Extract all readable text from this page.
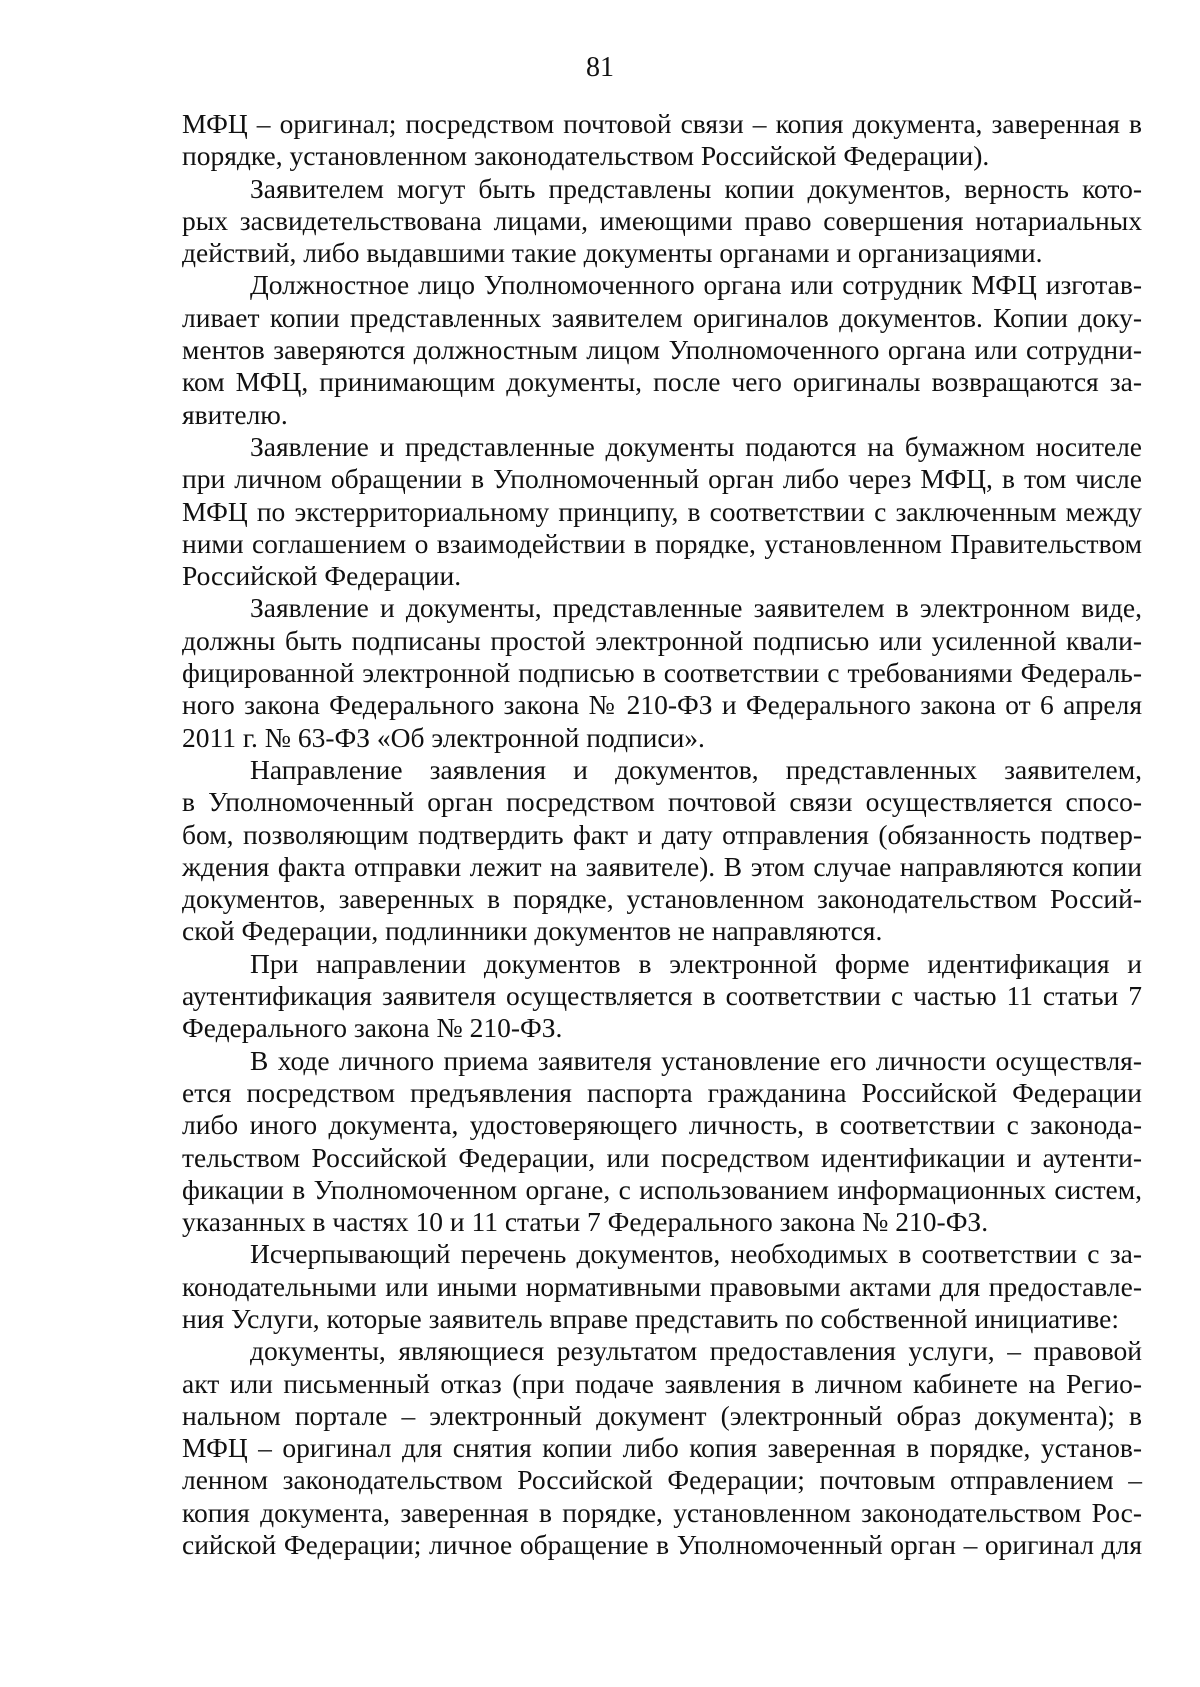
81
МФЦ – оригинал; посредством почтовой связи – копия документа, заверенная в
порядке, установленном законодательством Российской Федерации).
Заявителем могут быть представлены копии документов, верность кото-
рых засвидетельствована лицами, имеющими право совершения нотариальных
действий, либо выдавшими такие документы органами и организациями.
Должностное лицо Уполномоченного органа или сотрудник МФЦ изготав-
ливает копии представленных заявителем оригиналов документов. Копии доку-
ментов заверяются должностным лицом Уполномоченного органа или сотрудни-
ком МФЦ, принимающим документы, после чего оригиналы возвращаются за-
явителю.
Заявление и представленные документы подаются на бумажном носителе
при личном обращении в Уполномоченный орган либо через МФЦ, в том числе
МФЦ по экстерриториальному принципу, в соответствии с заключенным между
ними соглашением о взаимодействии в порядке, установленном Правительством
Российской Федерации.
Заявление и документы, представленные заявителем в электронном виде,
должны быть подписаны простой электронной подписью или усиленной квали-
фицированной электронной подписью в соответствии с требованиями Федераль-
ного закона Федерального закона № 210-ФЗ и Федерального закона от 6 апреля
2011 г. № 63-ФЗ «Об электронной подписи».
Направление заявления и документов, представленных заявителем,
в Уполномоченный орган посредством почтовой связи осуществляется спосо-
бом, позволяющим подтвердить факт и дату отправления (обязанность подтвер-
ждения факта отправки лежит на заявителе). В этом случае направляются копии
документов, заверенных в порядке, установленном законодательством Россий-
ской Федерации, подлинники документов не направляются.
При направлении документов в электронной форме идентификация и
аутентификация заявителя осуществляется в соответствии с частью 11 статьи 7
Федерального закона № 210-ФЗ.
В ходе личного приема заявителя установление его личности осуществля-
ется посредством предъявления паспорта гражданина Российской Федерации
либо иного документа, удостоверяющего личность, в соответствии с законода-
тельством Российской Федерации, или посредством идентификации и аутенти-
фикации в Уполномоченном органе, с использованием информационных систем,
указанных в частях 10 и 11 статьи 7 Федерального закона № 210-ФЗ.
Исчерпывающий перечень документов, необходимых в соответствии с за-
конодательными или иными нормативными правовыми актами для предоставле-
ния Услуги, которые заявитель вправе представить по собственной инициативе:
документы, являющиеся результатом предоставления услуги, – правовой
акт или письменный отказ (при подаче заявления в личном кабинете на Регио-
нальном портале – электронный документ (электронный образ документа); в
МФЦ – оригинал для снятия копии либо копия заверенная в порядке, установ-
ленном законодательством Российской Федерации; почтовым отправлением –
копия документа, заверенная в порядке, установленном законодательством Рос-
сийской Федерации; личное обращение в Уполномоченный орган – оригинал для
